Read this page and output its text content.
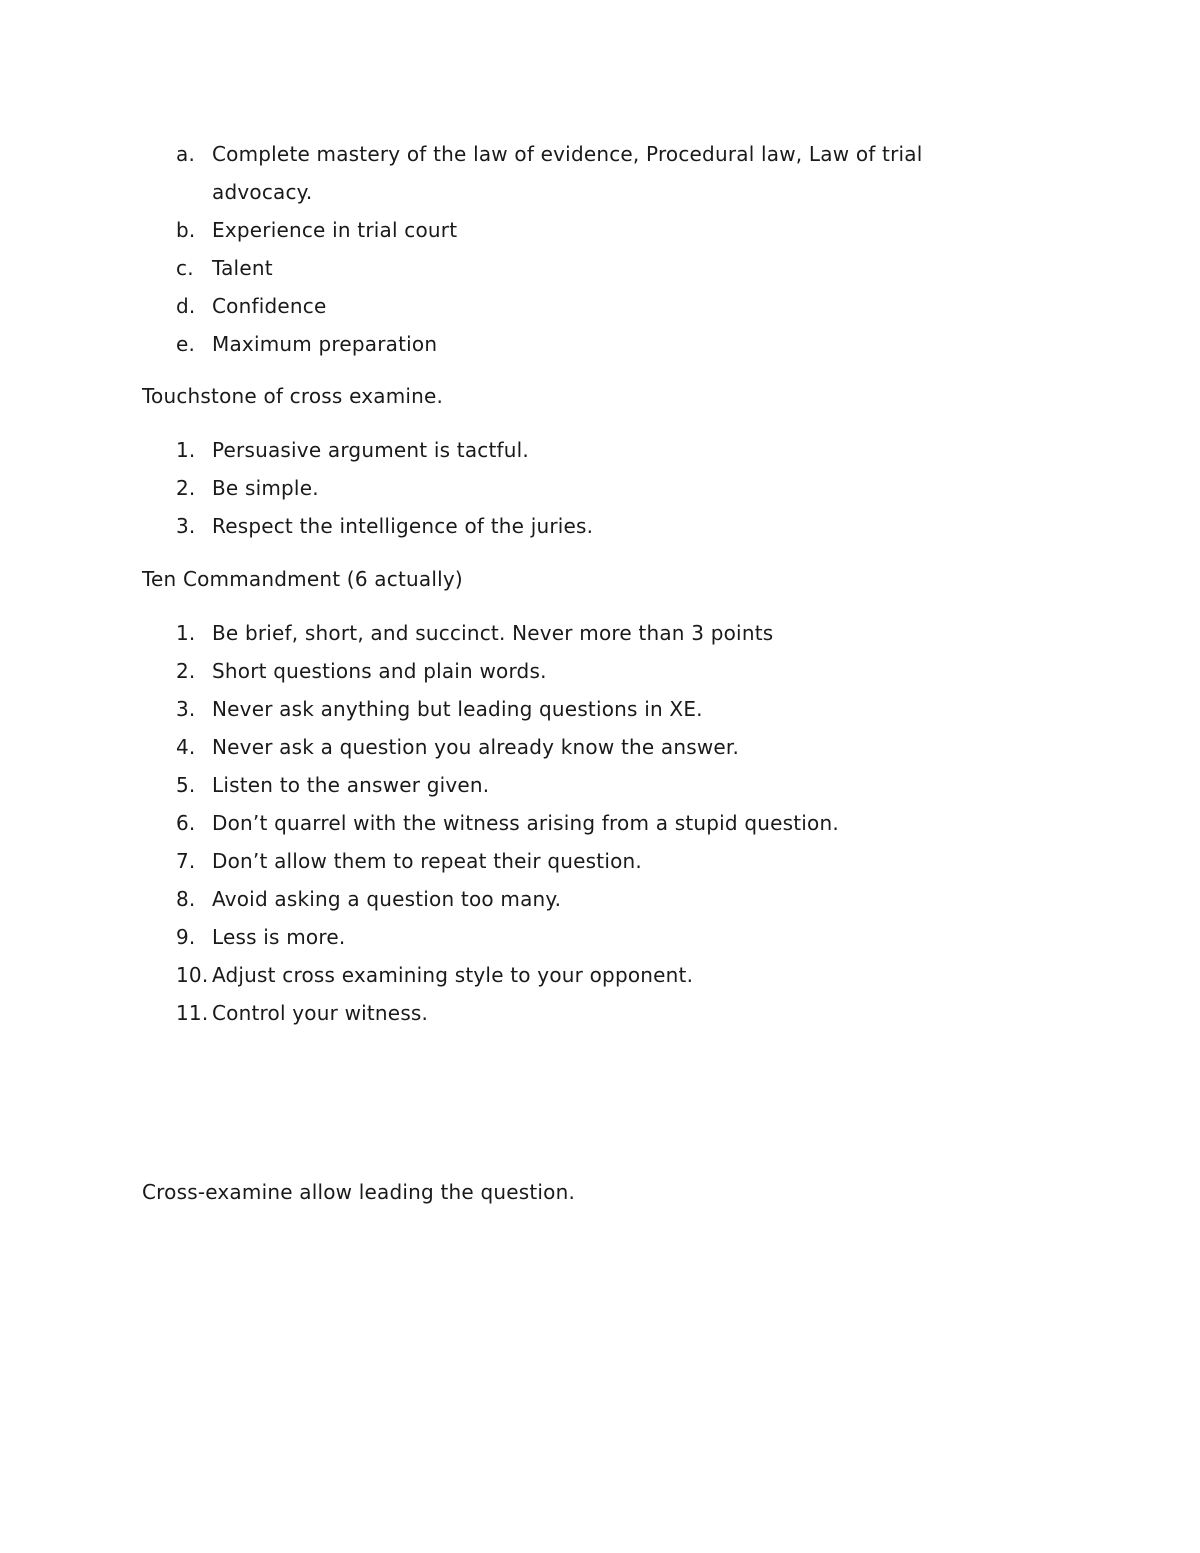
a. Complete mastery of the law of evidence, Procedural law, Law of trial advocacy.
b. Experience in trial court
c. Talent
d. Confidence
e. Maximum preparation
Touchstone of cross examine.
1. Persuasive argument is tactful.
2. Be simple.
3. Respect the intelligence of the juries.
Ten Commandment (6 actually)
1. Be brief, short, and succinct. Never more than 3 points
2. Short questions and plain words.
3. Never ask anything but leading questions in XE.
4. Never ask a question you already know the answer.
5. Listen to the answer given.
6. Don’t quarrel with the witness arising from a stupid question.
7. Don’t allow them to repeat their question.
8. Avoid asking a question too many.
9. Less is more.
10. Adjust cross examining style to your opponent.
11. Control your witness.
Cross-examine allow leading the question.
